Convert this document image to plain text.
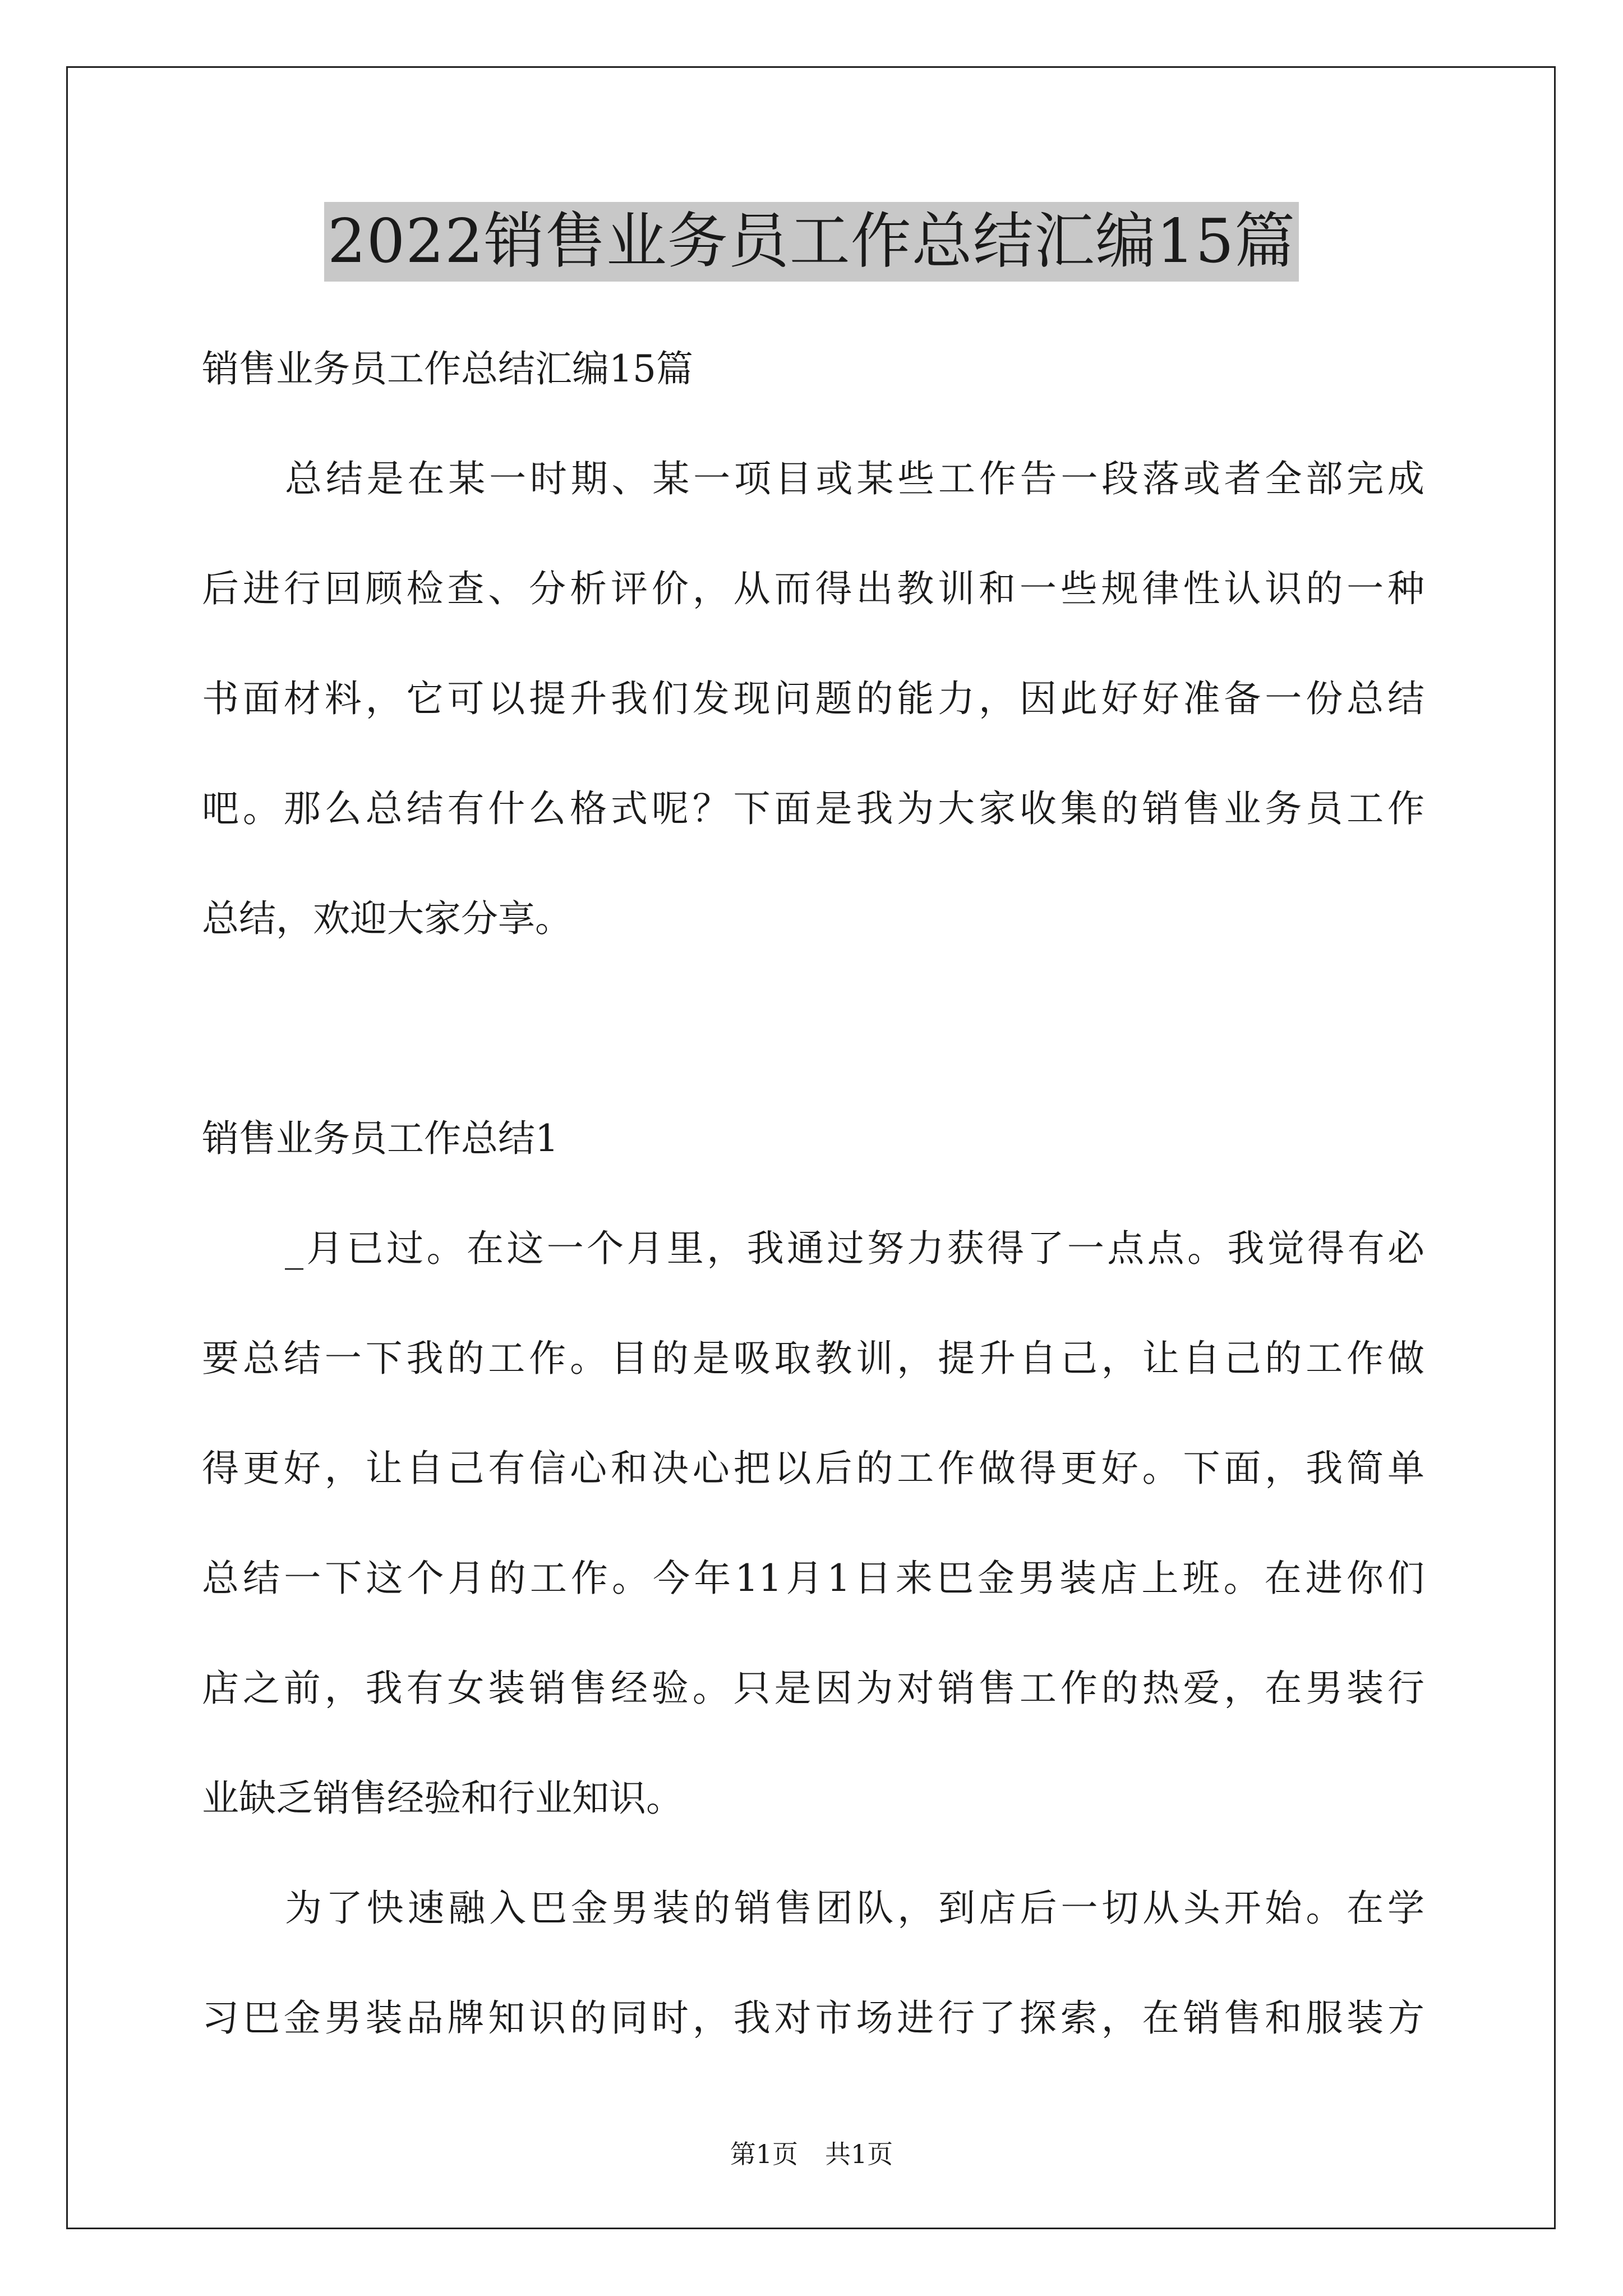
2022销售业务员工作总结汇编15篇
销售业务员工作总结汇编15篇
总结是在某一时期、某一项目或某些工作告一段落或者全部完成
后进行回顾检查、分析评价，从而得出教训和一些规律性认识的一种
书面材料，它可以提升我们发现问题的能力，因此好好准备一份总结
吧。那么总结有什么格式呢？下面是我为大家收集的销售业务员工作
总结，欢迎大家分享。
销售业务员工作总结1
_月已过。在这一个月里，我通过努力获得了一点点。我觉得有必
要总结一下我的工作。目的是吸取教训，提升自己，让自己的工作做
得更好，让自己有信心和决心把以后的工作做得更好。下面，我简单
总结一下这个月的工作。今年11月1日来巴金男装店上班。在进你们
店之前，我有女装销售经验。只是因为对销售工作的热爱，在男装行
业缺乏销售经验和行业知识。
为了快速融入巴金男装的销售团队，到店后一切从头开始。在学
习巴金男装品牌知识的同时，我对市场进行了探索，在销售和服装方
第1页 共1页
